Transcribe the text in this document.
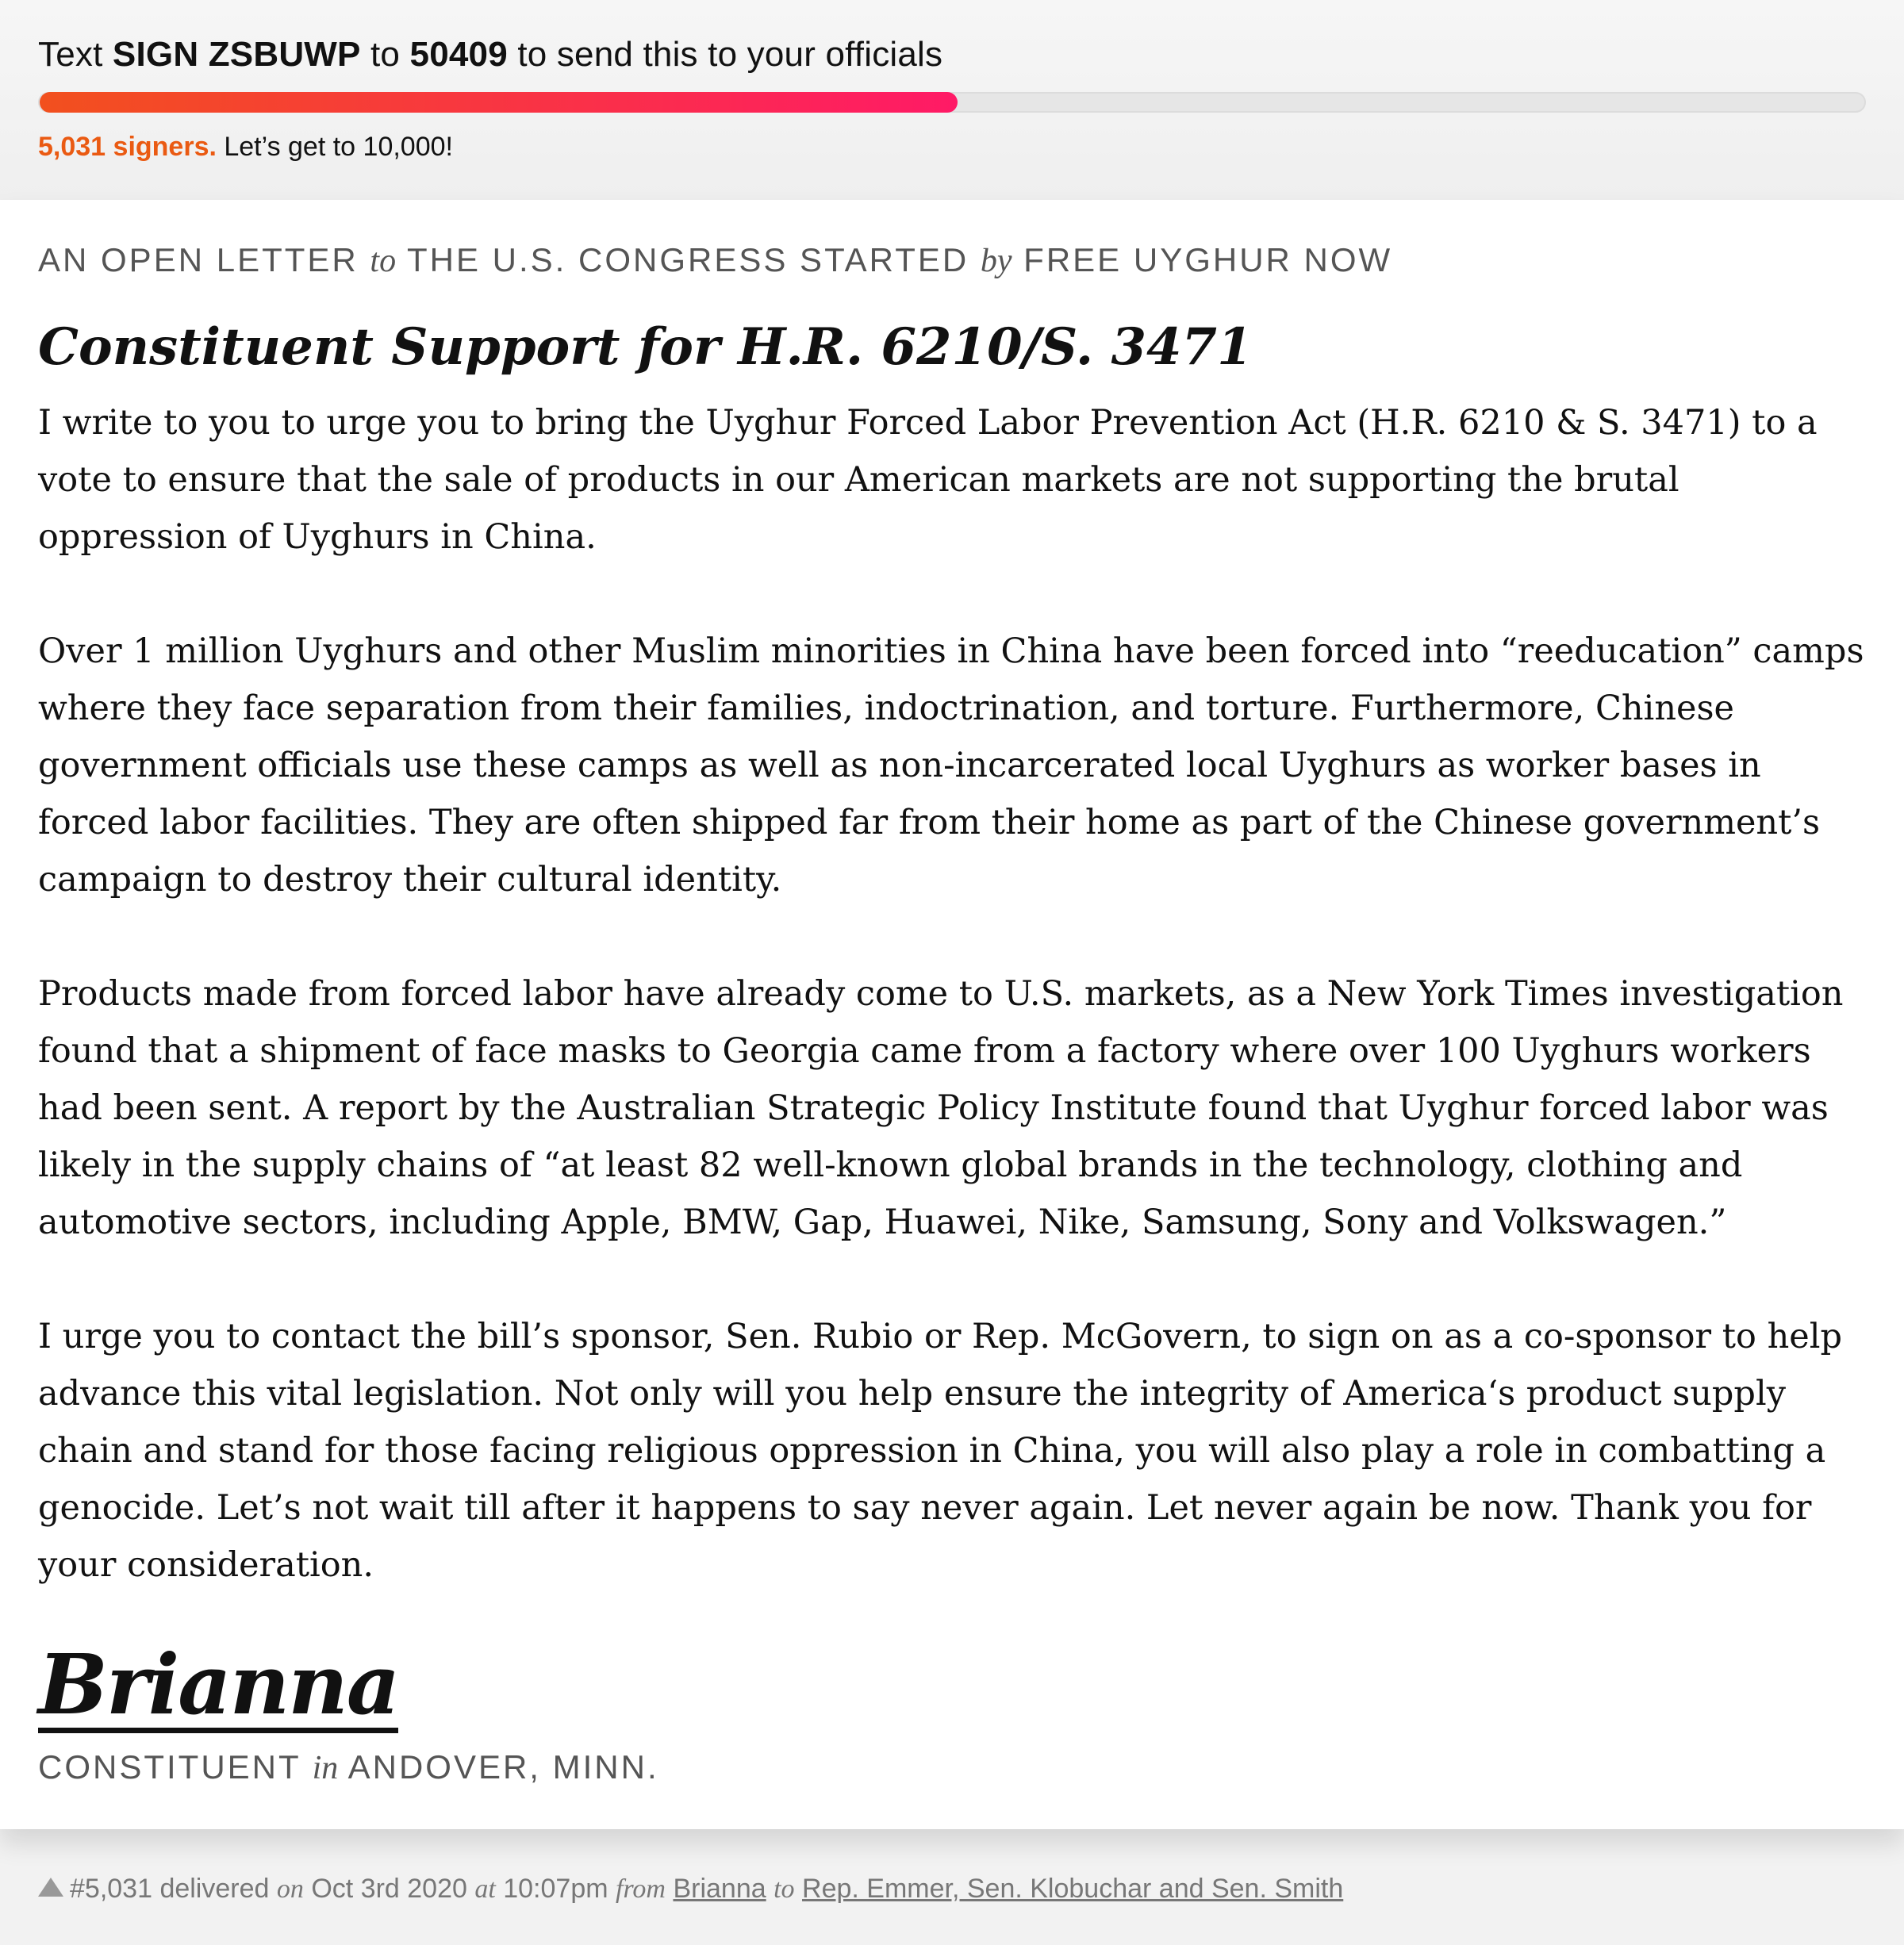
Text SIGN ZSBUWP to 50409 to send this to your officials
5,031 signers. Let’s get to 10,000!
AN OPEN LETTER to THE U.S. CONGRESS STARTED by FREE UYGHUR NOW
Constituent Support for H.R. 6210/S. 3471

I write to you to urge you to bring the Uyghur Forced Labor Prevention Act (H.R. 6210 & S. 3471) to a vote to ensure that the sale of products in our American markets are not supporting the brutal oppression of Uyghurs in China.

Over 1 million Uyghurs and other Muslim minorities in China have been forced into “reeducation” camps where they face separation from their families, indoctrination, and torture. Furthermore, Chinese government officials use these camps as well as non-incarcerated local Uyghurs as worker bases in forced labor facilities. They are often shipped far from their home as part of the Chinese government’s campaign to destroy their cultural identity.

Products made from forced labor have already come to U.S. markets, as a New York Times investigation found that a shipment of face masks to Georgia came from a factory where over 100 Uyghurs workers had been sent. A report by the Australian Strategic Policy Institute found that Uyghur forced labor was likely in the supply chains of “at least 82 well-known global brands in the technology, clothing and automotive sectors, including Apple, BMW, Gap, Huawei, Nike, Samsung, Sony and Volkswagen.”

I urge you to contact the bill’s sponsor, Sen. Rubio or Rep. McGovern, to sign on as a co-sponsor to help advance this vital legislation. Not only will you help ensure the integrity of America‘s product supply chain and stand for those facing religious oppression in China, you will also play a role in combatting a genocide. Let’s not wait till after it happens to say never again. Let never again be now. Thank you for your consideration.

Brianna
CONSTITUENT in ANDOVER, MINN.
#5,031 delivered on Oct 3rd 2020 at 10:07pm from Brianna to Rep. Emmer, Sen. Klobuchar and Sen. Smith
